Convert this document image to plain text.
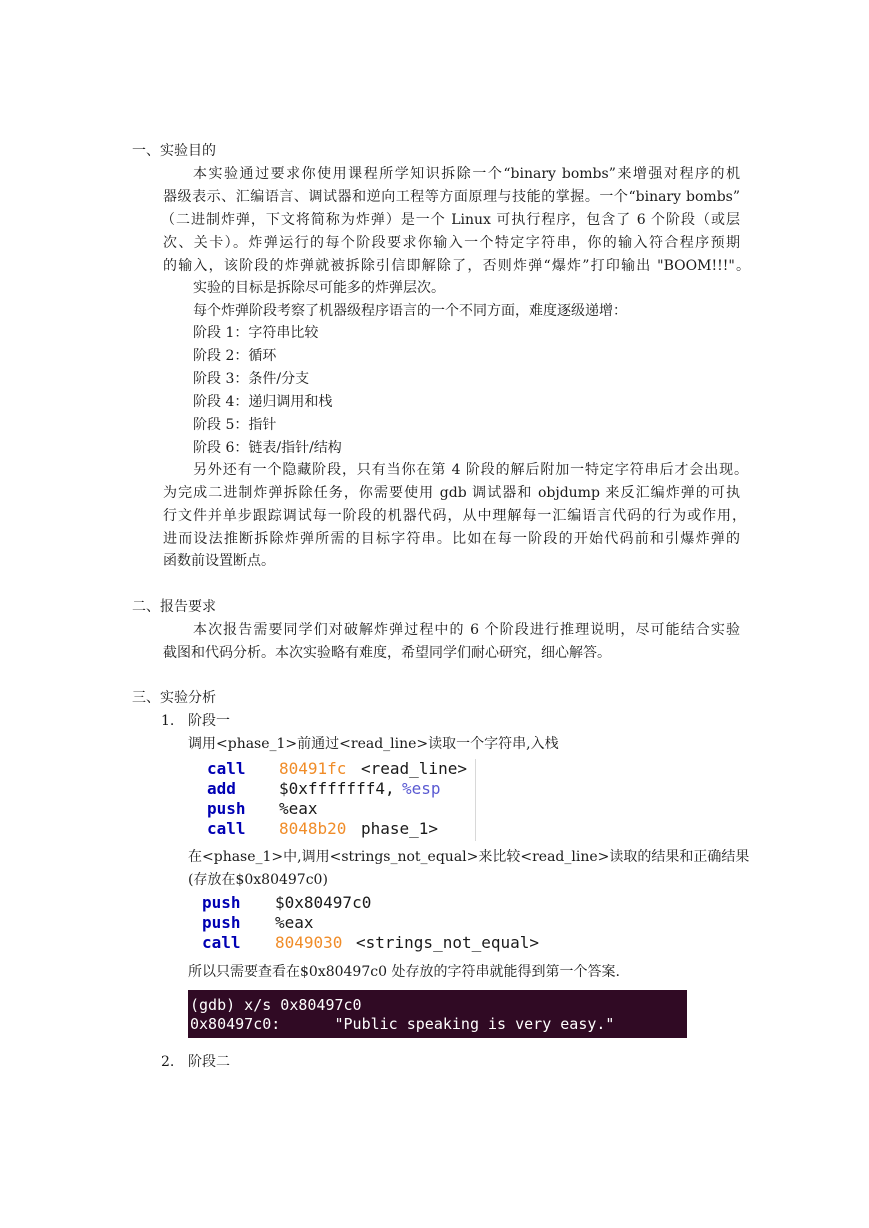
一、实验目的
本实验通过要求你使用课程所学知识拆除一个“binary bombs”来增强对程序的机
器级表示、汇编语言、调试器和逆向工程等方面原理与技能的掌握。一个“binary bombs”
（二进制炸弹，下文将简称为炸弹）是一个 Linux 可执行程序，包含了 6 个阶段（或层
次、关卡）。炸弹运行的每个阶段要求你输入一个特定字符串，你的输入符合程序预期
的输入，该阶段的炸弹就被拆除引信即解除了，否则炸弹“爆炸”打印输出 "BOOM!!!"。
实验的目标是拆除尽可能多的炸弹层次。
每个炸弹阶段考察了机器级程序语言的一个不同方面，难度逐级递增：
阶段 1：字符串比较
阶段 2：循环
阶段 3：条件/分支
阶段 4：递归调用和栈
阶段 5：指针
阶段 6：链表/指针/结构
另外还有一个隐藏阶段，只有当你在第 4 阶段的解后附加一特定字符串后才会出现。
为完成二进制炸弹拆除任务，你需要使用 gdb 调试器和 objdump 来反汇编炸弹的可执
行文件并单步跟踪调试每一阶段的机器代码，从中理解每一汇编语言代码的行为或作用，
进而设法推断拆除炸弹所需的目标字符串。比如在每一阶段的开始代码前和引爆炸弹的
函数前设置断点。
二、报告要求
本次报告需要同学们对破解炸弹过程中的 6 个阶段进行推理说明，尽可能结合实验
截图和代码分析。本次实验略有难度，希望同学们耐心研究，细心解答。
三、实验分析
1. 阶段一
调用<phase_1>前通过<read_line>读取一个字符串,入栈
call 80491fc <read_line>
add	$0xfffffff4, %esp
push %eax
call 8048b20 phase_1>
在<phase_1>中,调用<strings_not_equal>来比较<read_line>读取的结果和正确结果
(存放在$0x80497c0)
push $0x80497c0
push %eax
call 8049030 <strings_not_equal>
所以只需要查看在$0x80497c0 处存放的字符串就能得到第一个答案.
(gdb) x/s 0x80497c0
0x80497c0:	"Public speaking is very easy."
2. 阶段二
